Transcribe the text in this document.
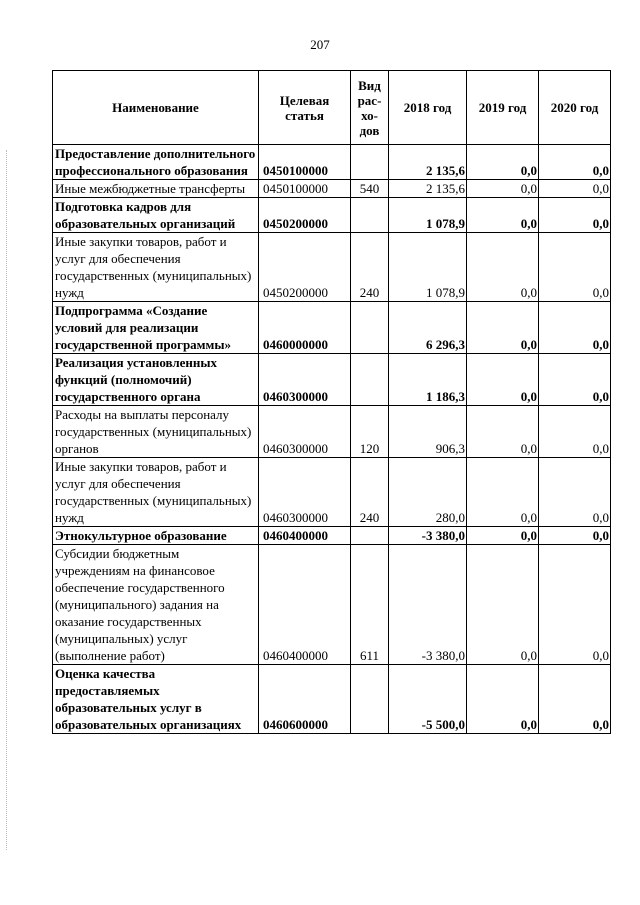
207
Наименование	Целевая статья	Вид рас- хо- дов	2018 год	2019 год	2020 год
Предоставление дополнительного профессионального образования	0450100000		2 135,6	0,0	0,0
Иные межбюджетные трансферты	0450100000	540	2 135,6	0,0	0,0
Подготовка кадров для образовательных организаций	0450200000		1 078,9	0,0	0,0
Иные закупки товаров, работ и услуг для обеспечения государственных (муниципальных) нужд	0450200000	240	1 078,9	0,0	0,0
Подпрограмма «Создание условий для реализации государственной программы»	0460000000		6 296,3	0,0	0,0
Реализация установленных функций (полномочий) государственного органа	0460300000		1 186,3	0,0	0,0
Расходы на выплаты персоналу государственных (муниципальных) органов	0460300000	120	906,3	0,0	0,0
Иные закупки товаров, работ и услуг для обеспечения государственных (муниципальных) нужд	0460300000	240	280,0	0,0	0,0
Этнокультурное образование	0460400000		-3 380,0	0,0	0,0
Субсидии бюджетным учреждениям на финансовое обеспечение государственного (муниципального) задания на оказание государственных (муниципальных) услуг (выполнение работ)	0460400000	611	-3 380,0	0,0	0,0
Оценка качества предоставляемых образовательных услуг в образовательных организациях	0460600000		-5 500,0	0,0	0,0
